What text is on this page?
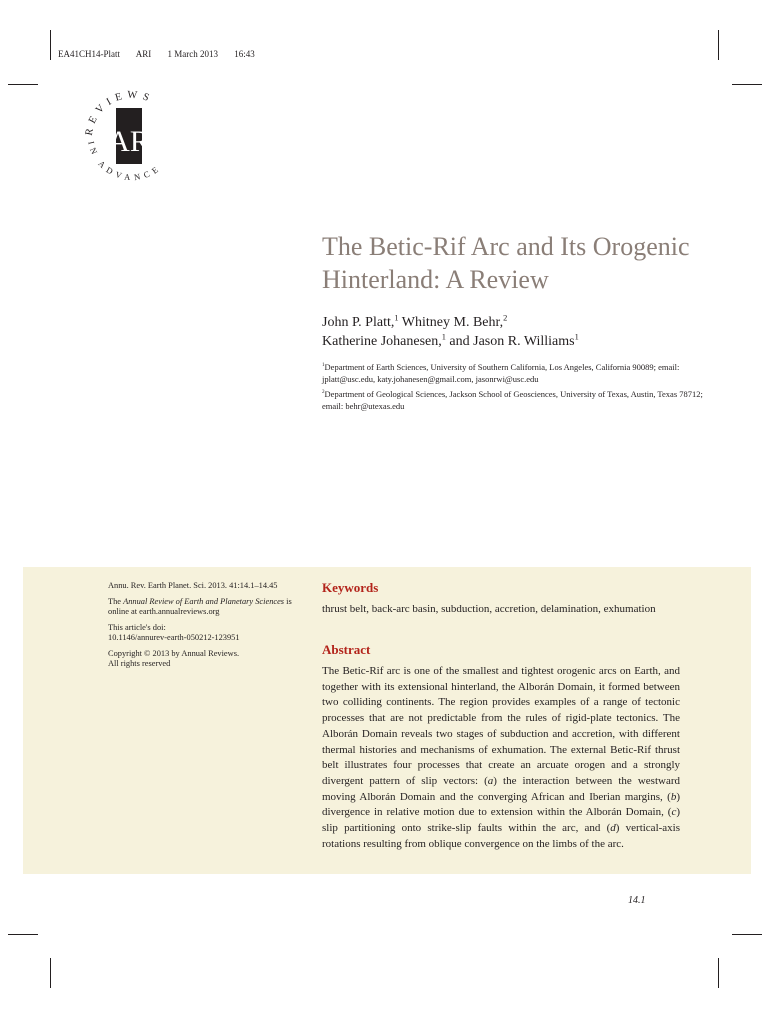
EA41CH14-Platt ARI 1 March 2013 16:43
REVIEWS
IN ADVANCE
AR
The Betic-Rif Arc and Its Orogenic Hinterland: A Review

John P. Platt,$^1$ Whitney M. Behr,$^2$
Katherine Johanesen,$^1$ and Jason R. Williams$^1$

$^1$Department of Earth Sciences, University of Southern California, Los Angeles, California 90089; email: jplatt@usc.edu, katy.johanesen@gmail.com, jasonrwi@usc.edu

$^2$Department of Geological Sciences, Jackson School of Geosciences, University of Texas, Austin, Texas 78712; email: behr@utexas.edu

Annu. Rev. Earth Planet. Sci. 2013. 41:14.1–14.45

The Annual Review of Earth and Planetary Sciences is online at earth.annualreviews.org

This article's doi:
10.1146/annurev-earth-050212-123951

Copyright © 2013 by Annual Reviews.
All rights reserved

Keywords

thrust belt, back-arc basin, subduction, accretion, delamination, exhumation

Abstract

The Betic-Rif arc is one of the smallest and tightest orogenic arcs on Earth, and together with its extensional hinterland, the Alborán Domain, it formed between two colliding continents. The region provides examples of a range of tectonic processes that are not predictable from the rules of rigid-plate tectonics. The Alborán Domain reveals two stages of subduction and accretion, with different thermal histories and mechanisms of exhumation. The external Betic-Rif thrust belt illustrates four processes that create an arcuate orogen and a strongly divergent pattern of slip vectors: (a) the interaction between the westward moving Alborán Domain and the converging African and Iberian margins, (b) divergence in relative motion due to extension within the Alborán Domain, (c) slip partitioning onto strike-slip faults within the arc, and (d) vertical-axis rotations resulting from oblique convergence on the limbs of the arc.

14.1
